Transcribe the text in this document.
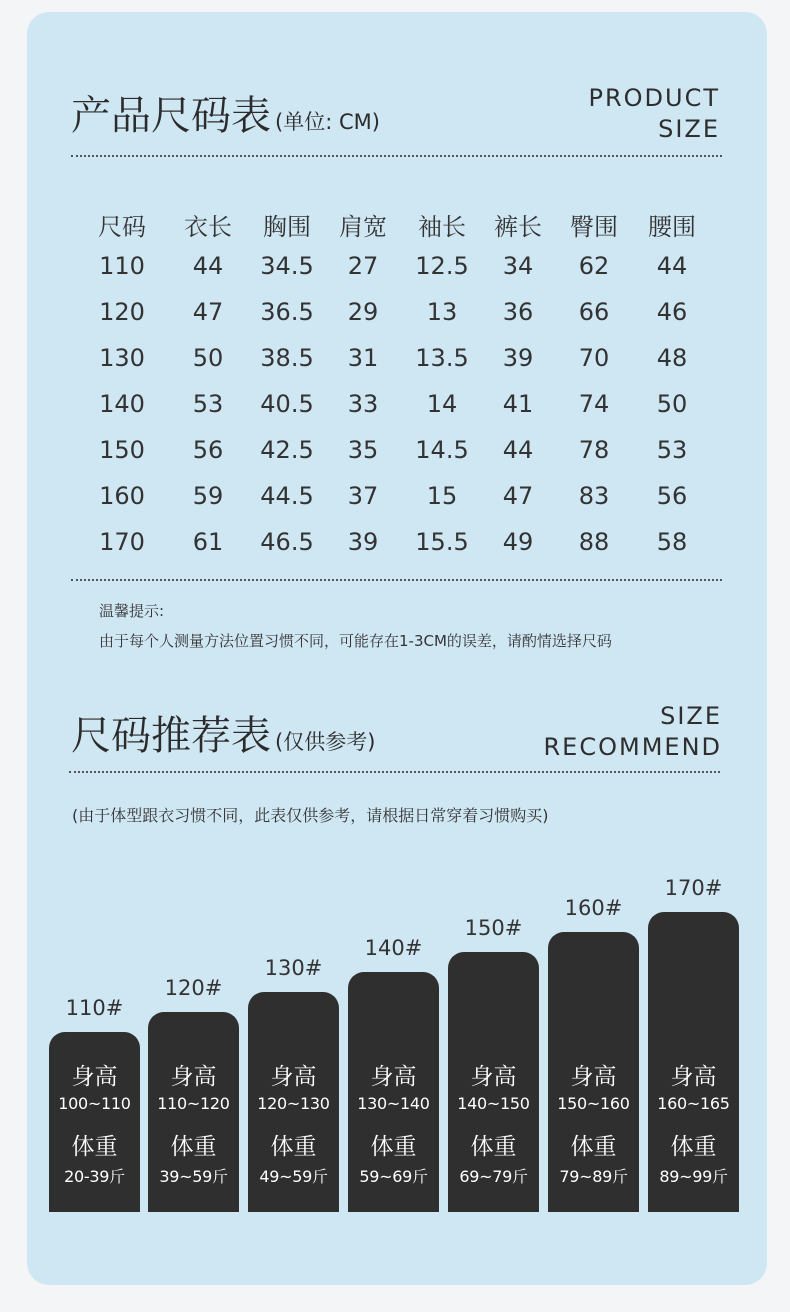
产品尺码表 (单位: CM)
PRODUCT
SIZE
尺码	衣长	胸围	肩宽	袖长	裤长	臀围	腰围
110	44	34.5	27	12.5	34	62	44
120	47	36.5	29	13	36	66	46
130	50	38.5	31	13.5	39	70	48
140	53	40.5	33	14	41	74	50
150	56	42.5	35	14.5	44	78	53
160	59	44.5	37	15	47	83	56
170	61	46.5	39	15.5	49	88	58
温馨提示:
由于每个人测量方法位置习惯不同，可能存在1-3CM的误差，请酌情选择尺码
尺码推荐表 (仅供参考)
SIZE
RECOMMEND
(由于体型跟衣习惯不同，此表仅供参考，请根据日常穿着习惯购买)
110#
身高
100~110
体重
20-39斤
120#
身高
110~120
体重
39~59斤
130#
身高
120~130
体重
49~59斤
140#
身高
130~140
体重
59~69斤
150#
身高
140~150
体重
69~79斤
160#
身高
150~160
体重
79~89斤
170#
身高
160~165
体重
89~99斤
